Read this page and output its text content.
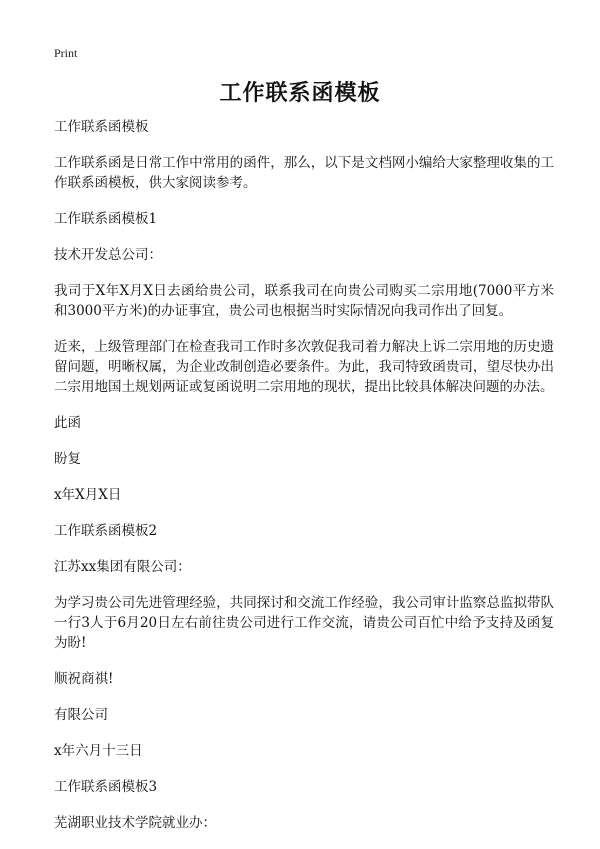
Print
工作联系函模板

工作联系函模板

工作联系函是日常工作中常用的函件，那么，以下是文档网小编给大家整理收集的工作联系函模板，供大家阅读参考。

工作联系函模板1

技术开发总公司：

我司于X年X月X日去函给贵公司，联系我司在向贵公司购买二宗用地(7000平方米和3000平方米)的办证事宜，贵公司也根据当时实际情况向我司作出了回复。

近来，上级管理部门在检查我司工作时多次敦促我司着力解决上诉二宗用地的历史遗留问题，明晰权属，为企业改制创造必要条件。为此，我司特致函贵司，望尽快办出二宗用地国土规划两证或复函说明二宗用地的现状，提出比较具体解决问题的办法。

此函

盼复

x年X月X日

工作联系函模板2

江苏xx集团有限公司：

为学习贵公司先进管理经验，共同探讨和交流工作经验，我公司审计监察总监拟带队一行3人于6月20日左右前往贵公司进行工作交流，请贵公司百忙中给予支持及函复为盼!

顺祝商祺!

有限公司

x年六月十三日

工作联系函模板3

芜湖职业技术学院就业办：
